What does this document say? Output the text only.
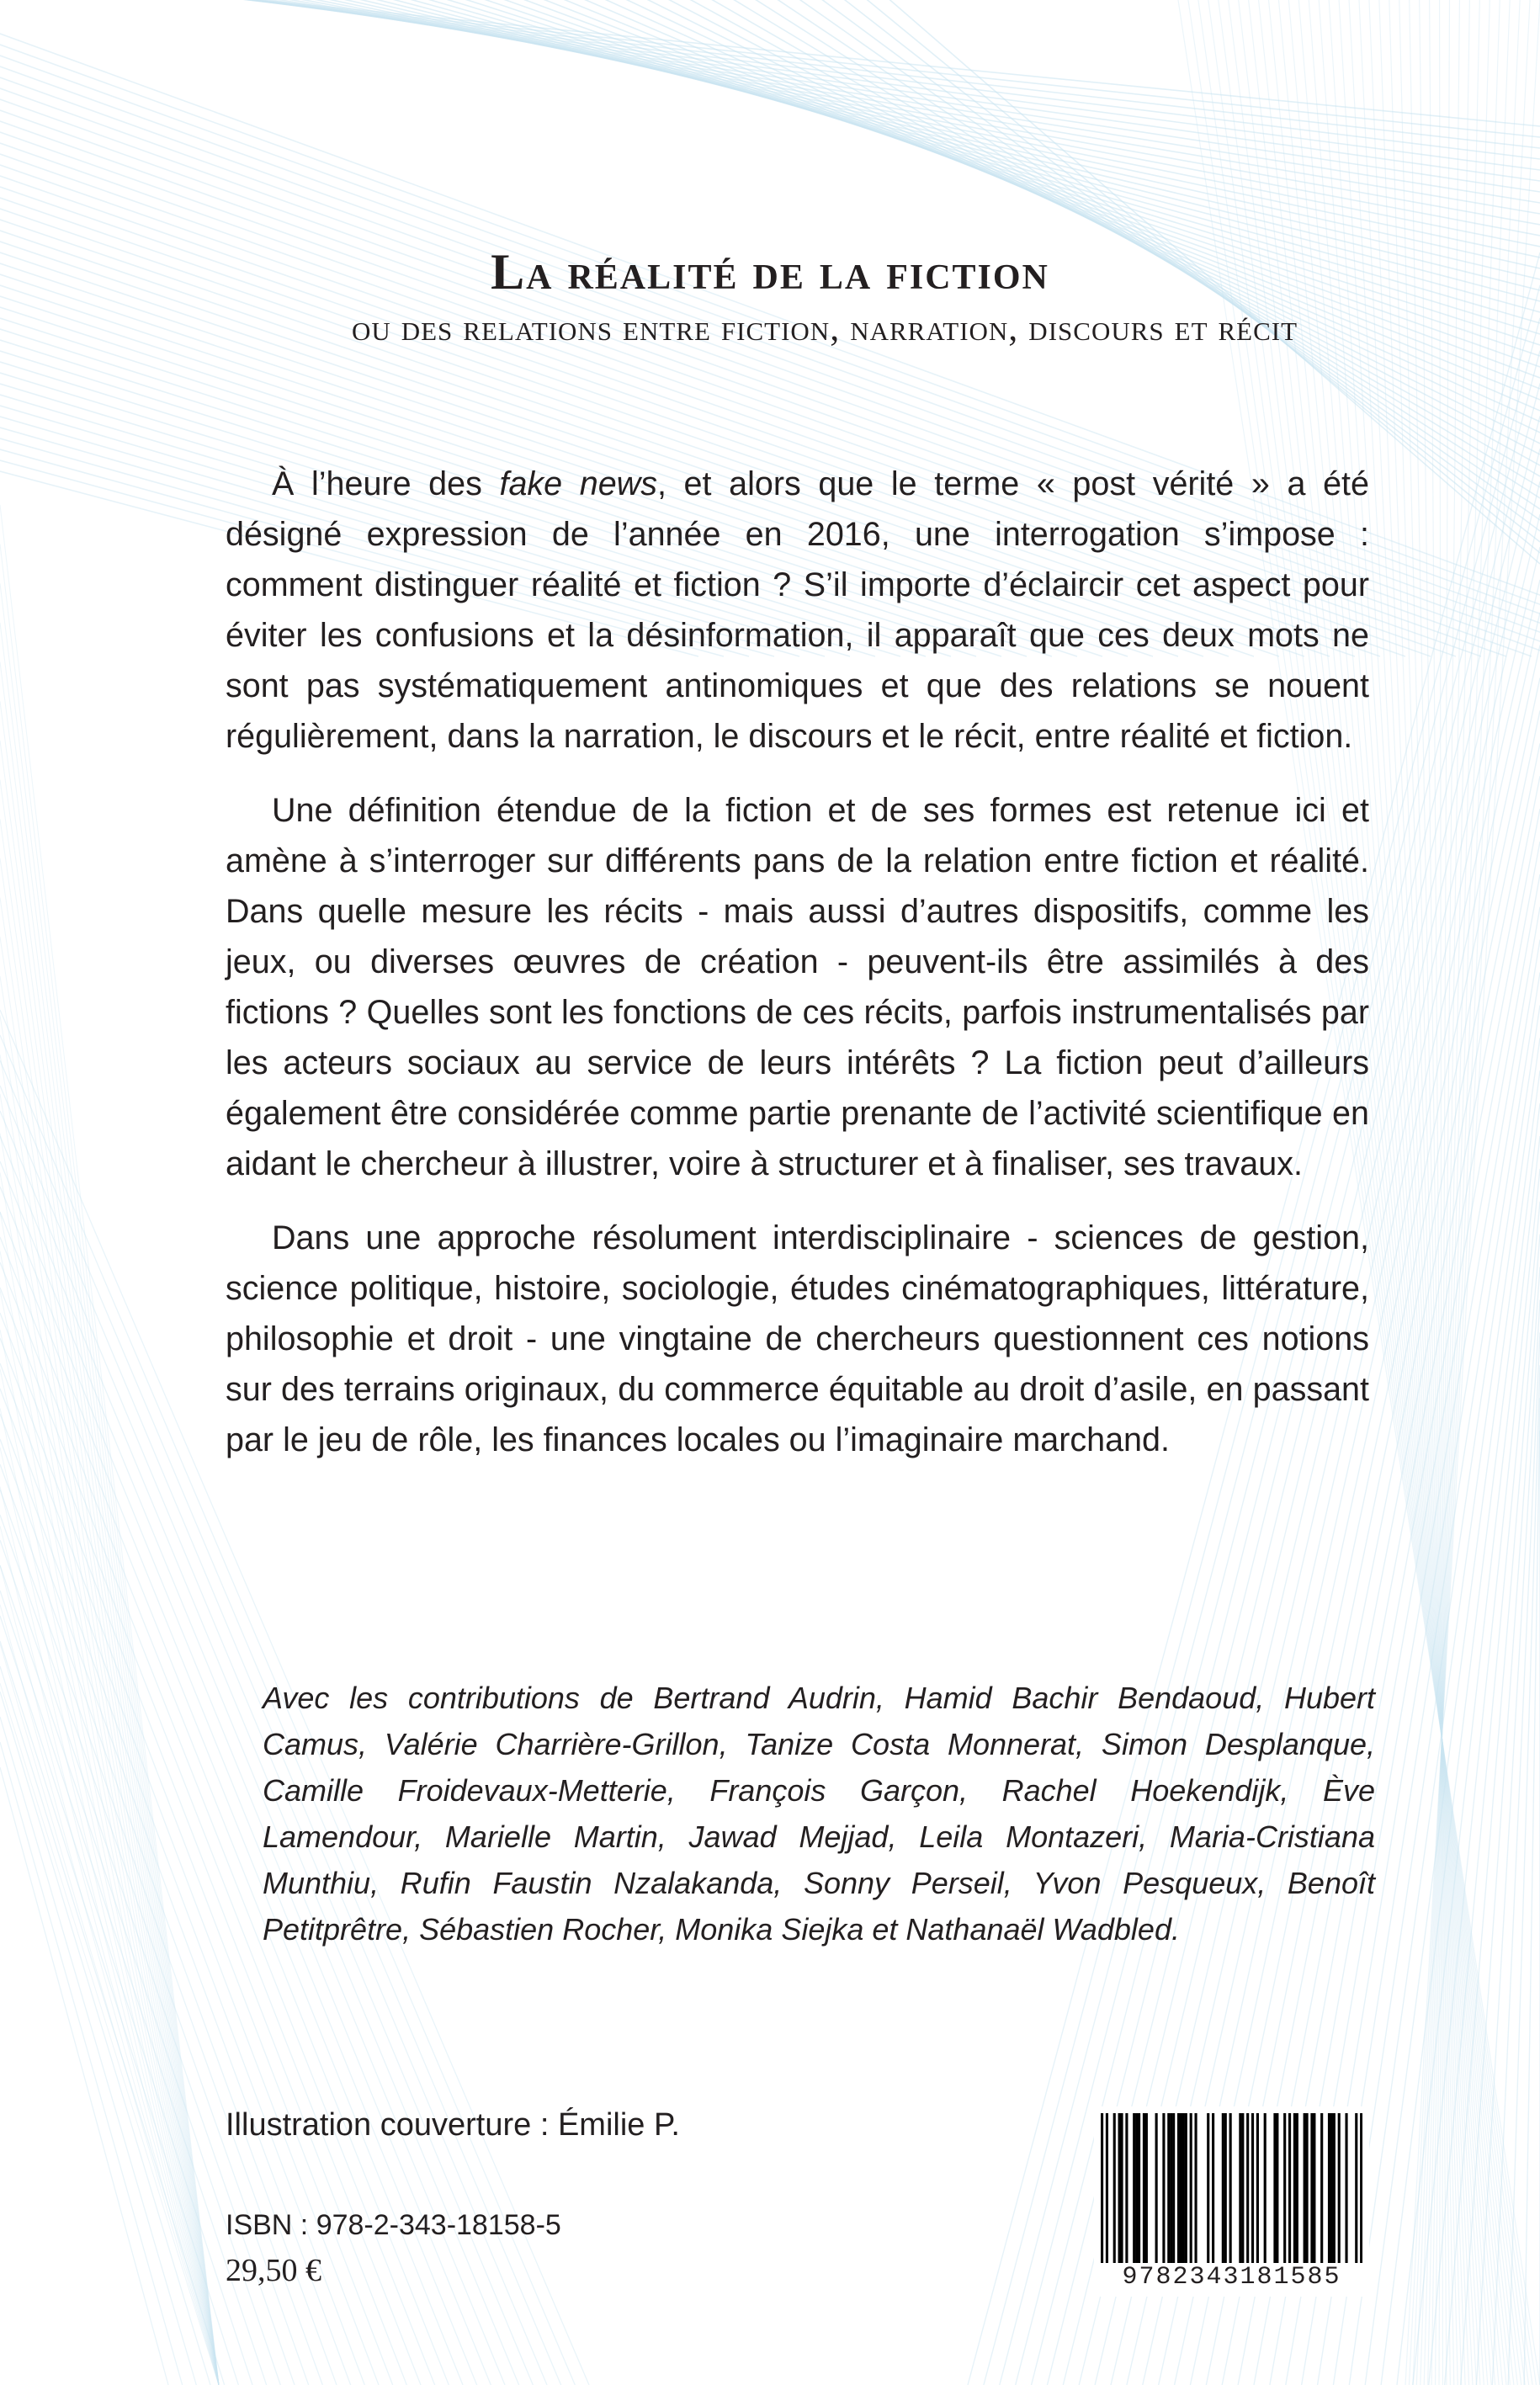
La réalité de la fiction

ou des relations entre fiction, narration, discours et récit

À l’heure des fake news, et alors que le terme « post vérité » a été désigné expression de l’année en 2016, une interrogation s’impose : comment distinguer réalité et fiction ? S’il importe d’éclaircir cet aspect pour éviter les confusions et la désinformation, il apparaît que ces deux mots ne sont pas systématiquement antinomiques et que des relations se nouent régulièrement, dans la narration, le discours et le récit, entre réalité et fiction.

Une définition étendue de la fiction et de ses formes est retenue ici et amène à s’interroger sur différents pans de la relation entre fiction et réalité. Dans quelle mesure les récits - mais aussi d’autres dispositifs, comme les jeux, ou diverses œuvres de création - peuvent-ils être assimilés à des fictions ? Quelles sont les fonctions de ces récits, parfois instrumentalisés par les acteurs sociaux au service de leurs intérêts ? La fiction peut d’ailleurs également être considérée comme partie prenante de l’activité scientifique en aidant le chercheur à illustrer, voire à structurer et à finaliser, ses travaux.

Dans une approche résolument interdisciplinaire - sciences de gestion, science politique, histoire, sociologie, études cinématographiques, littérature, philosophie et droit - une vingtaine de chercheurs questionnent ces notions sur des terrains originaux, du commerce équitable au droit d’asile, en passant par le jeu de rôle, les finances locales ou l’imaginaire marchand.

Avec les contributions de Bertrand Audrin, Hamid Bachir Bendaoud, Hubert Camus, Valérie Charrière-Grillon, Tanize Costa Monnerat, Simon Desplanque, Camille Froidevaux-Metterie, François Garçon, Rachel Hoekendijk, Ève Lamendour, Marielle Martin, Jawad Mejjad, Leila Montazeri, Maria-Cristiana Munthiu, Rufin Faustin Nzalakanda, Sonny Perseil, Yvon Pesqueux, Benoît Petitprêtre, Sébastien Rocher, Monika Siejka et Nathanaël Wadbled.

Illustration couverture : Émilie P.
ISBN : 978-2-343-18158-5
29,50 €	9782343181585
